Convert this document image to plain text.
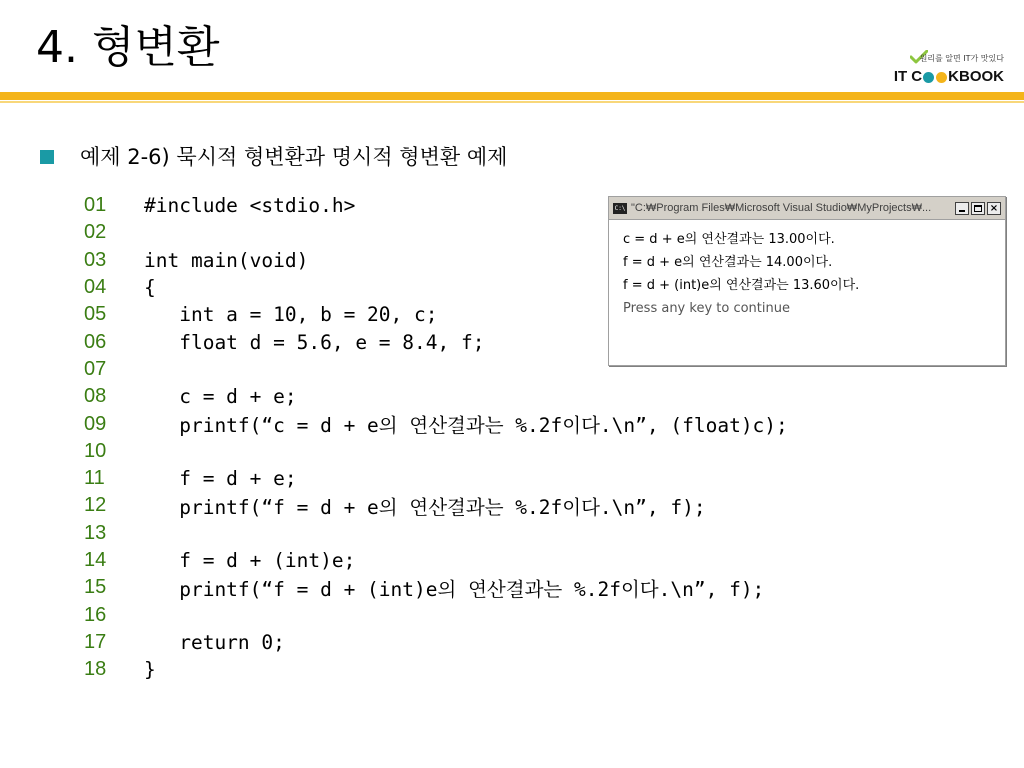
4. 형변환	원리를 알면 IT가 맛있다
IT C KBOOK
예제 2-6) 묵시적 형변환과 명시적 형변환 예제
01	#include <stdio.h>
02
03	int main(void)
04	{
05	int a = 10, b = 20, c;
06	float d = 5.6, e = 8.4, f;
07
08	c = d + e;
09	printf(“c = d + e의 연산결과는 %.2f이다.\n”, (float)c);
10
11	f = d + e;
12	printf(“f = d + e의 연산결과는 %.2f이다.\n”, f);
13
14	f = d + (int)e;
15	printf(“f = d + (int)e의 연산결과는 %.2f이다.\n”, f);
16
17	return 0;
18	}
C:\ "C:₩Program Files₩Microsoft Visual Studio₩MyProjects₩...	×
c = d + e의 연산결과는 13.00이다.
f = d + e의 연산결과는 14.00이다.
f = d + (int)e의 연산결과는 13.60이다.
Press any key to continue
